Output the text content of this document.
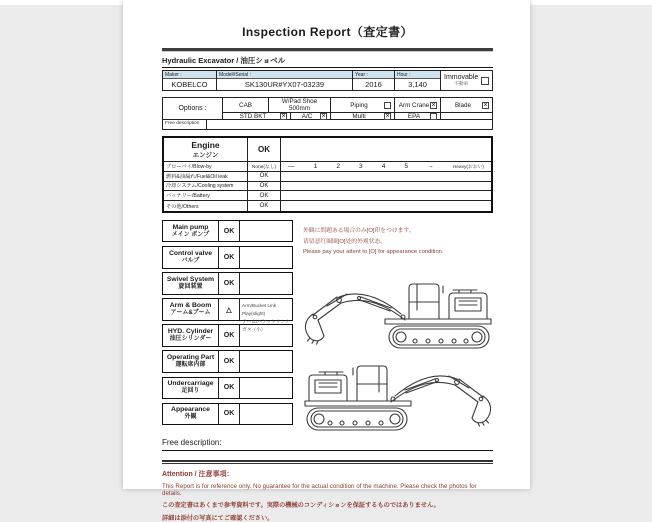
Inspection Report（査定書）
Hydraulic Excavator / 油圧ショベル
Maker :
KOBELCO
Model#Serial :
SK130UR#YX07-03239
Year :
2016
Hour :
3,140
Immovable
不動車
Options :	CAB	W/Pad Shoe 500mm	Piping	Arm Crane ×	Blade	×
STD BKT	×	A/C	×	Multi	×	EPA
Free description
Engine
エンジン
OK
ブローバイ/Blow-by	None(なし)	—	1	2	3	4	5	→	Heavy(おおい)
燃料&油漏れ/Fuel&Oil leak	OK
冷却システム/Cooling system	OK
バッテリー/Battery	OK
その他/Others	OK
Main pump
メイン ポンプ	OK
Control valve
バルブ	OK
Swivel System
旋回装置	OK
Arm & Boom
アーム&ブーム	△
Arm/Bucket Link Play(slight)
アーム/バケットリンクガタ（小）
HYD. Cylinder
油圧シリンダー	OK
Operating Part
運転席内部	OK
Undercarriage
足回り	OK
Appearance
外観	OK
外観に問題ある場合のみ[O]印をつけます。
请留意红圈圈[O]处的外观状态。
Please pay your attent to [O] for appearance condition.
Free description:
Attention / 注意事項：
This Report is for reference only. No guarantee for the actual condition of the machine. Please check the photos for details.
この査定書はあくまで参考資料です。実際の機械のコンディションを保証するものではありません。
詳細は添付の写真にてご確認ください。
